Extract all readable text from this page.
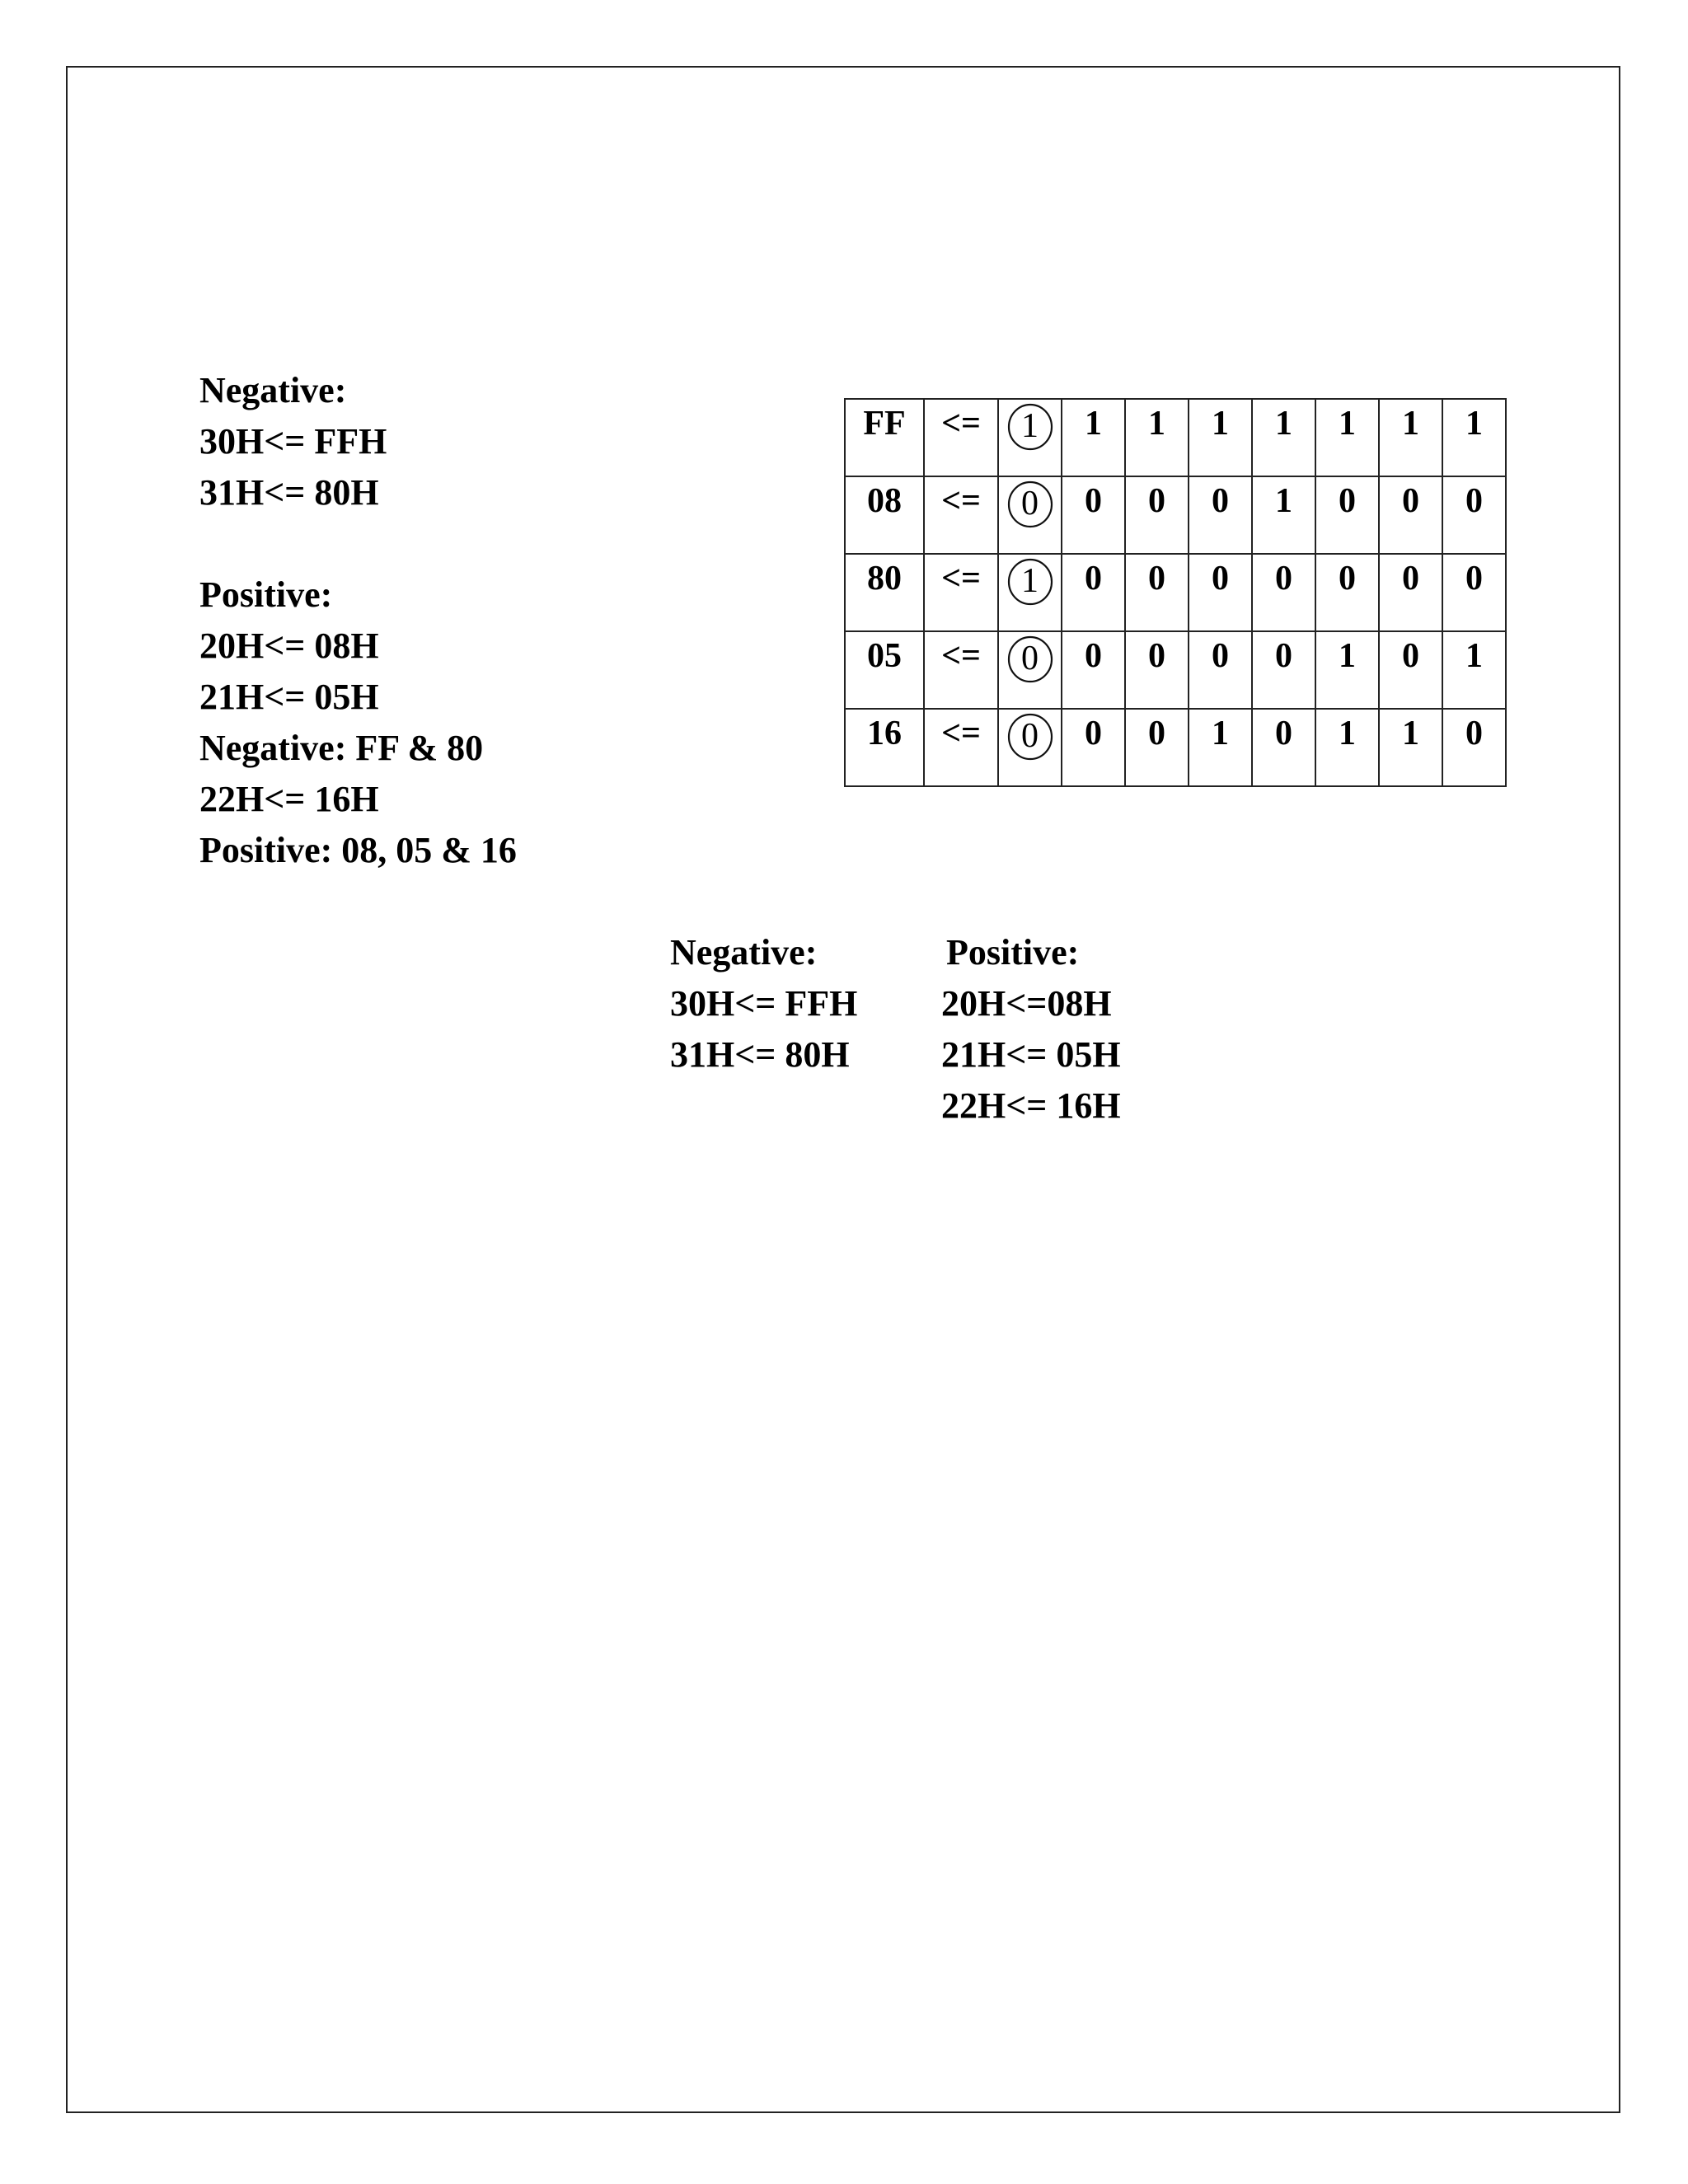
Negative:
30H<= FFH
31H<= 80H
Positive:
20H<= 08H
21H<= 05H
Negative: FF & 80
22H<= 16H
Positive: 08, 05 & 16
FF	<=	1	1	1	1	1	1	1	1
08	<=	0	0	0	0	1	0	0	0
80	<=	1	0	0	0	0	0	0	0
05	<=	0	0	0	0	0	1	0	1
16	<=	0	0	0	1	0	1	1	0
Negative:
30H<= FFH
31H<= 80H
Positive:
20H<=08H
21H<= 05H
22H<= 16H
